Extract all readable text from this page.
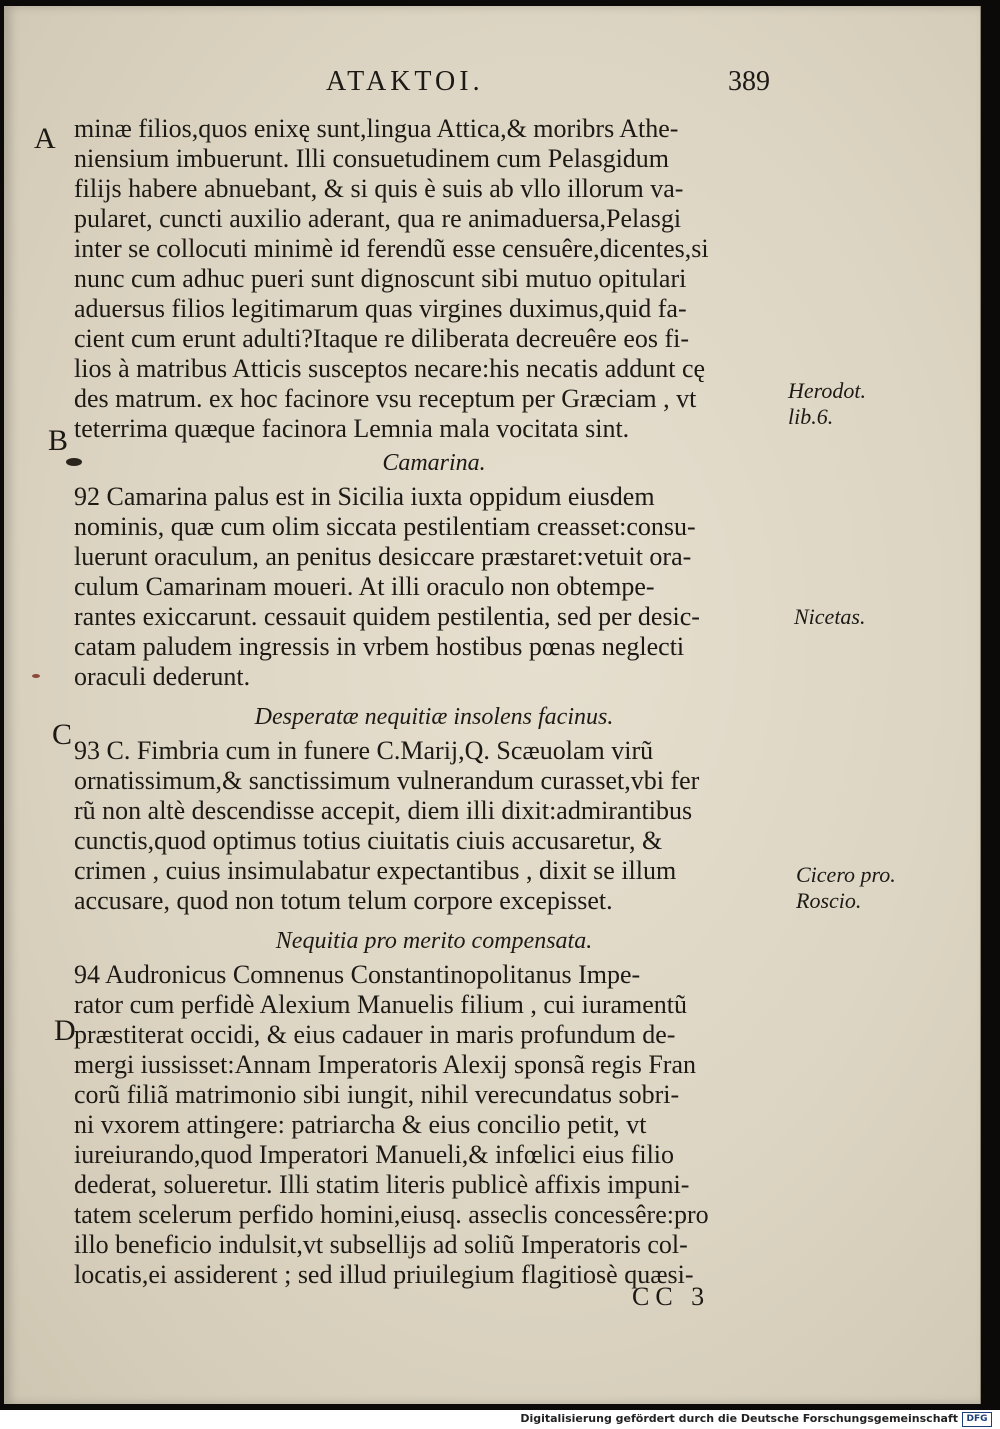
ATAKTOI.	389
A
B
C
D
Herodot.
lib.6.
Nicetas.
Cicero pro.
Roscio.
minæ filios,quos enixę sunt,lingua Attica,& moribrs Athe-
niensium imbuerunt. Illi consuetudinem cum Pelasgidum
filijs habere abnuebant, & si quis è suis ab vllo illorum va-
pularet, cuncti auxilio aderant, qua re animaduersa,Pelasgi
inter se collocuti minimè id ferendũ esse censuêre,dicentes,si
nunc cum adhuc pueri sunt dignoscunt sibi mutuo opitulari
aduersus filios legitimarum quas virgines duximus,quid fa-
cient cum erunt adulti?Itaque re diliberata decreuêre eos fi-
lios à matribus Atticis susceptos necare:his necatis addunt cę
des matrum. ex hoc facinore vsu receptum per Græciam , vt
teterrima quæque facinora Lemnia mala vocitata sint.
Camarina.
92 Camarina palus est in Sicilia iuxta oppidum eiusdem
nominis, quæ cum olim siccata pestilentiam creasset:consu-
luerunt oraculum, an penitus desiccare præstaret:vetuit ora-
culum Camarinam moueri. At illi oraculo non obtempe-
rantes exiccarunt. cessauit quidem pestilentia, sed per desic-
catam paludem ingressis in vrbem hostibus pœnas neglecti
oraculi dederunt.
Desperatæ nequitiæ insolens facinus.
93 C. Fimbria cum in funere C.Marij,Q. Scæuolam virũ
ornatissimum,& sanctissimum vulnerandum curasset,vbi fer
rũ non altè descendisse accepit, diem illi dixit:admirantibus
cunctis,quod optimus totius ciuitatis ciuis accusaretur, &
crimen , cuius insimulabatur expectantibus , dixit se illum
accusare, quod non totum telum corpore excepisset.
Nequitia pro merito compensata.
94 Audronicus Comnenus Constantinopolitanus Impe-
rator cum perfidè Alexium Manuelis filium , cui iuramentũ
præstiterat occidi, & eius cadauer in maris profundum de-
mergi iussisset:Annam Imperatoris Alexij sponsã regis Fran
corũ filiã matrimonio sibi iungit, nihil verecundatus sobri-
ni vxorem attingere: patriarcha & eius concilio petit, vt
iureiurando,quod Imperatori Manueli,& infœlici eius filio
dederat, solueretur. Illi statim literis publicè affixis impuni-
tatem scelerum perfido homini,eiusq. asseclis concessêre:pro
illo beneficio indulsit,vt subsellijs ad soliũ Imperatoris col-
locatis,ei assiderent ; sed illud priuilegium flagitiosè quæsi-
CC 3
Digitalisierung gefördert durch die Deutsche Forschungsgemeinschaft DFG
